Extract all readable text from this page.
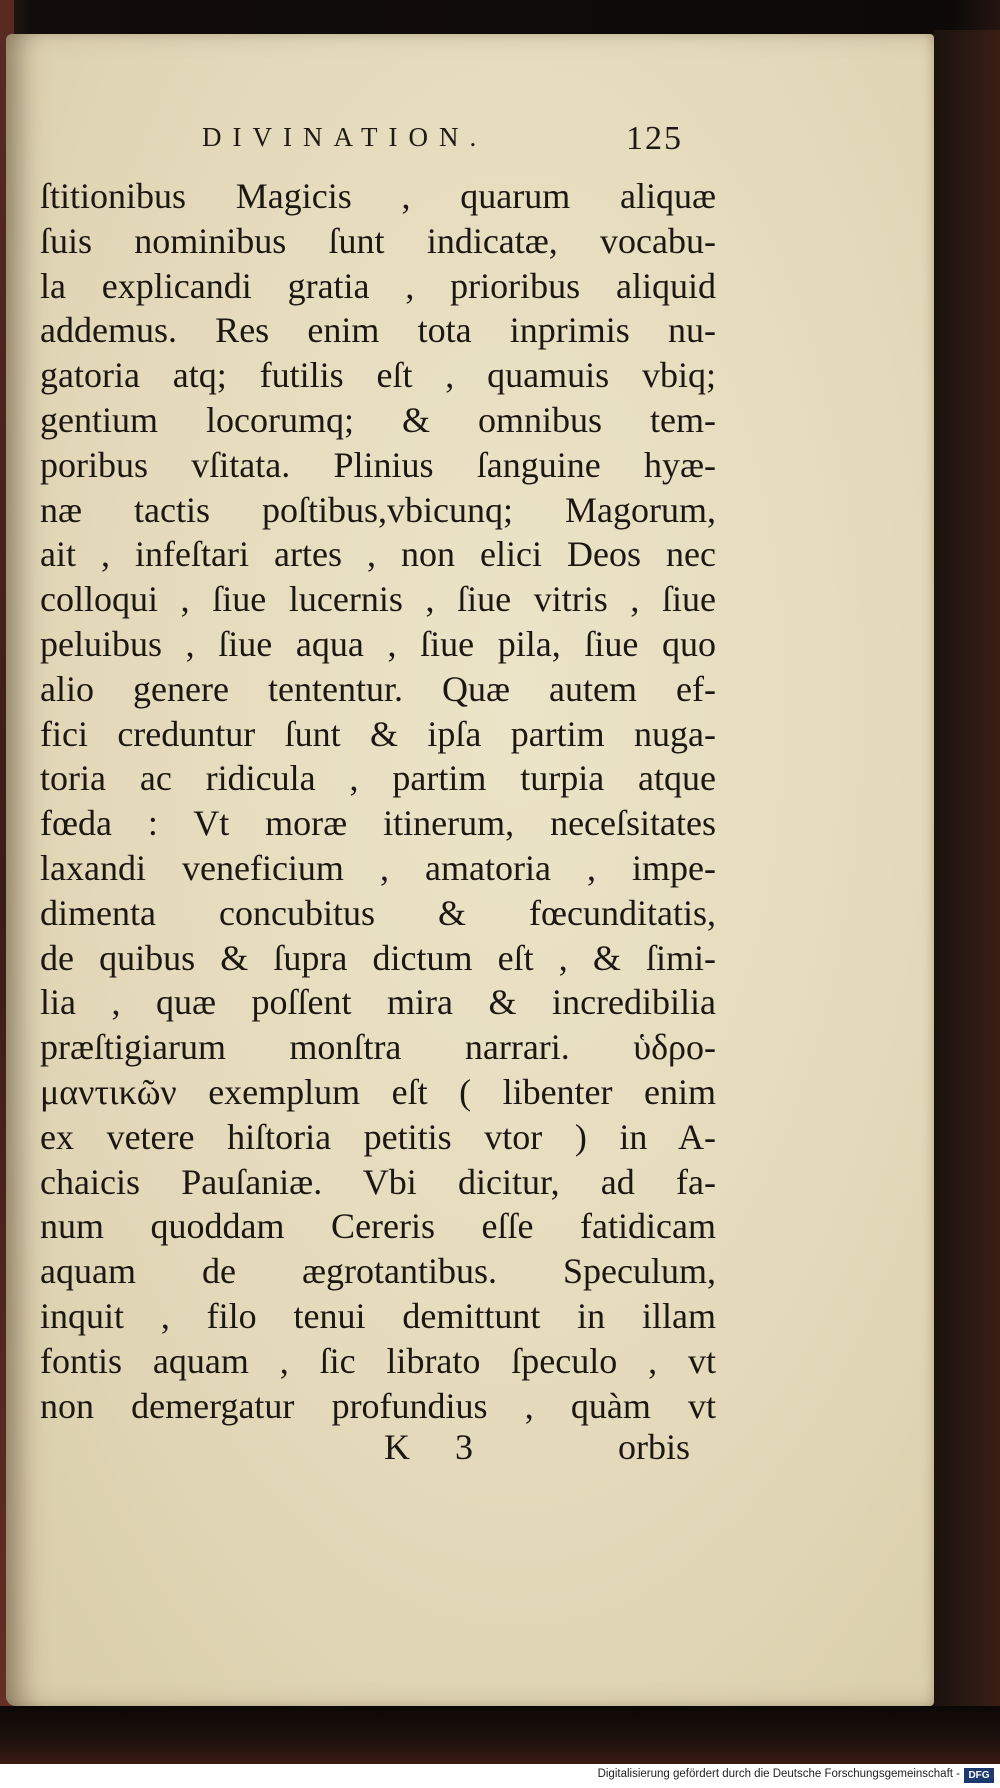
DIVINATION.	125
ſtitionibus Magicis , quarum aliquæ
ſuis nominibus ſunt indicatæ, vocabu-
la explicandi gratia , prioribus aliquid
addemus. Res enim tota inprimis nu-
gatoria atq; futilis eſt , quamuis vbiq;
gentium locorumq; & omnibus tem-
poribus vſitata. Plinius ſanguine hyæ-
næ tactis poſtibus,vbicunq; Magorum,
ait , infeſtari artes , non elici Deos nec
colloqui , ſiue lucernis , ſiue vitris , ſiue
peluibus , ſiue aqua , ſiue pila, ſiue quo
alio genere tententur. Quæ autem ef-
fici creduntur ſunt & ipſa partim nuga-
toria ac ridicula , partim turpia atque
fœda : Vt moræ itinerum, neceſsitates
laxandi veneficium , amatoria , impe-
dimenta concubitus & fœcunditatis,
de quibus & ſupra dictum eſt , & ſimi-
lia , quæ poſſent mira & incredibilia
præſtigiarum monſtra narrari. ὑδρο-
μαντικῶν exemplum eſt ( libenter enim
ex vetere hiſtoria petitis vtor ) in A-
chaicis Pauſaniæ. Vbi dicitur, ad fa-
num quoddam Cereris eſſe fatidicam
aquam de ægrotantibus. Speculum,
inquit , filo tenui demittunt in illam
fontis aquam , ſic librato ſpeculo , vt
non demergatur profundius , quàm vt
K 3	orbis
Digitalisierung gefördert durch die Deutsche Forschungsgemeinschaft - DFG
